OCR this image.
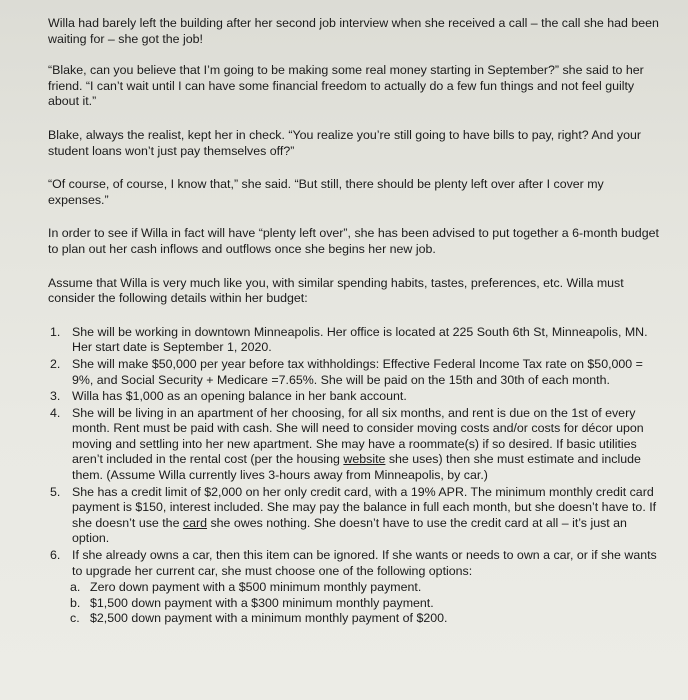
Willa had barely left the building after her second job interview when she received a call – the call she had been waiting for – she got the job!

“Blake, can you believe that I’m going to be making some real money starting in September?” she said to her friend. “I can’t wait until I can have some financial freedom to actually do a few fun things and not feel guilty about it.”

Blake, always the realist, kept her in check. “You realize you’re still going to have bills to pay, right? And your student loans won’t just pay themselves off?”

“Of course, of course, I know that,” she said. “But still, there should be plenty left over after I cover my expenses.”

In order to see if Willa in fact will have “plenty left over”, she has been advised to put together a 6-month budget to plan out her cash inflows and outflows once she begins her new job.

Assume that Willa is very much like you, with similar spending habits, tastes, preferences, etc. Willa must consider the following details within her budget:

1. She will be working in downtown Minneapolis. Her office is located at 225 South 6th St, Minneapolis, MN. Her start date is September 1, 2020.
2. She will make $50,000 per year before tax withholdings: Effective Federal Income Tax rate on $50,000 = 9%, and Social Security + Medicare =7.65%. She will be paid on the 15th and 30th of each month.
3. Willa has $1,000 as an opening balance in her bank account.
4. She will be living in an apartment of her choosing, for all six months, and rent is due on the 1st of every month. Rent must be paid with cash. She will need to consider moving costs and/or costs for décor upon moving and settling into her new apartment. She may have a roommate(s) if so desired. If basic utilities aren’t included in the rental cost (per the housing website she uses) then she must estimate and include them. (Assume Willa currently lives 3-hours away from Minneapolis, by car.)
5. She has a credit limit of $2,000 on her only credit card, with a 19% APR. The minimum monthly credit card payment is $150, interest included. She may pay the balance in full each month, but she doesn’t have to. If she doesn’t use the card she owes nothing. She doesn’t have to use the credit card at all – it’s just an option.
6. If she already owns a car, then this item can be ignored. If she wants or needs to own a car, or if she wants to upgrade her current car, she must choose one of the following options:
a. Zero down payment with a $500 minimum monthly payment.
b. $1,500 down payment with a $300 minimum monthly payment.
c. $2,500 down payment with a minimum monthly payment of $200.
